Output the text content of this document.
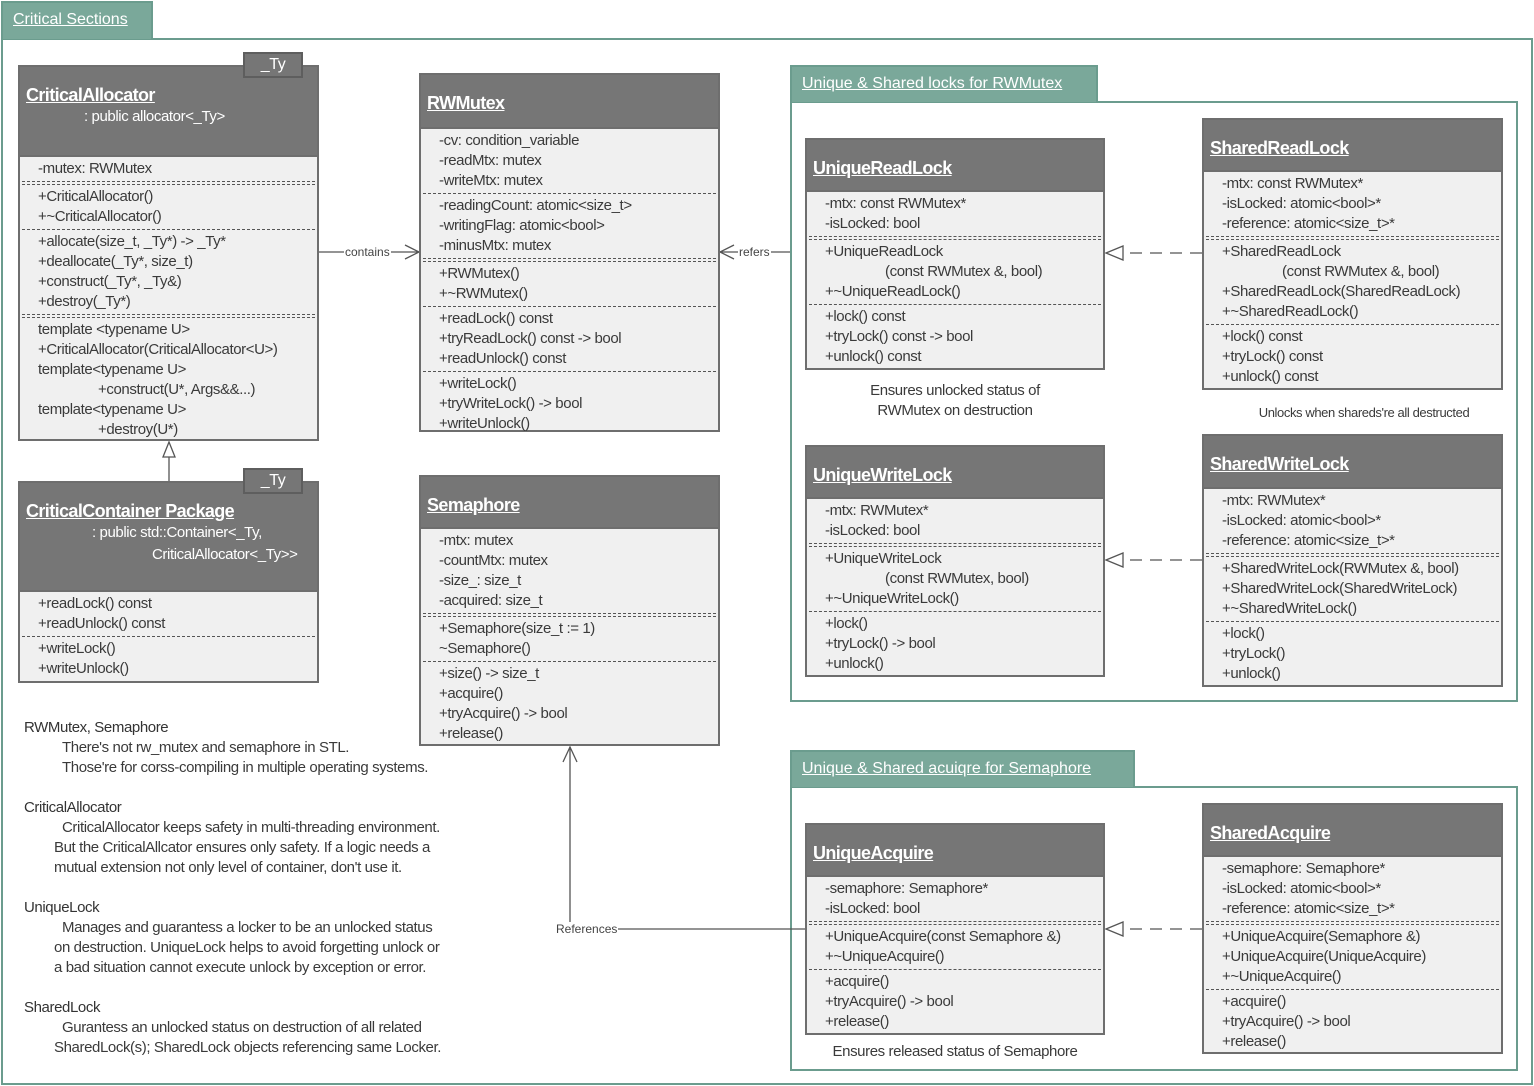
Critical Sections
Unique & Shared locks for RWMutex
Unique & Shared acuiqre for Semaphore
contains	refers
References
CriticalAllocator
: public allocator<_Ty>
-mutex: RWMutex
+CriticalAllocator()
+~CriticalAllocator()
+allocate(size_t, _Ty*) -> _Ty*
+deallocate(_Ty*, size_t)
+construct(_Ty*, _Ty&)
+destroy(_Ty*)
template <typename U>
+CriticalAllocator(CriticalAllocator<U>)
template<typename U>
+construct(U*, Args&&...)
template<typename U>
+destroy(U*)
_Ty
CriticalContainer Package
: public std::Container<_Ty,
CriticalAllocator<_Ty>>
+readLock() const
+readUnlock() const
+writeLock()
+writeUnlock()
_Ty
RWMutex
-cv: condition_variable
-readMtx: mutex
-writeMtx: mutex
-readingCount: atomic<size_t>
-writingFlag: atomic<bool>
-minusMtx: mutex
+RWMutex()
+~RWMutex()
+readLock() const
+tryReadLock() const -> bool
+readUnlock() const
+writeLock()
+tryWriteLock() -> bool
+writeUnlock()
Semaphore
-mtx: mutex
-countMtx: mutex
-size_: size_t
-acquired: size_t
+Semaphore(size_t := 1)
~Semaphore()
+size() -> size_t
+acquire()
+tryAcquire() -> bool
+release()
UniqueReadLock
-mtx: const RWMutex*
-isLocked: bool
+UniqueReadLock
(const RWMutex &, bool)
+~UniqueReadLock()
+lock() const
+tryLock() const -> bool
+unlock() const
SharedReadLock
-mtx: const RWMutex*
-isLocked: atomic<bool>*
-reference: atomic<size_t>*
+SharedReadLock
(const RWMutex &, bool)
+SharedReadLock(SharedReadLock)
+~SharedReadLock()
+lock() const
+tryLock() const
+unlock() const
UniqueWriteLock
-mtx: RWMutex*
-isLocked: bool
+UniqueWriteLock
(const RWMutex, bool)
+~UniqueWriteLock()
+lock()
+tryLock() -> bool
+unlock()
SharedWriteLock
-mtx: RWMutex*
-isLocked: atomic<bool>*
-reference: atomic<size_t>*
+SharedWriteLock(RWMutex &, bool)
+SharedWriteLock(SharedWriteLock)
+~SharedWriteLock()
+lock()
+tryLock()
+unlock()
UniqueAcquire
-semaphore: Semaphore*
-isLocked: bool
+UniqueAcquire(const Semaphore &)
+~UniqueAcquire()
+acquire()
+tryAcquire() -> bool
+release()
SharedAcquire
-semaphore: Semaphore*
-isLocked: atomic<bool>*
-reference: atomic<size_t>*
+UniqueAcquire(Semaphore &)
+UniqueAcquire(UniqueAcquire)
+~UniqueAcquire()
+acquire()
+tryAcquire() -> bool
+release()
Ensures unlocked status of
RWMutex on destruction	Unlocks when shareds're all destructed
Ensures released status of Semaphore
RWMutex, Semaphore
There's not rw_mutex and semaphore in STL.
Those're for corss-compiling in multiple operating systems.
CriticalAllocator
CriticalAllocator keeps safety in multi-threading environment.
But the CriticalAllcator ensures only safety. If a logic needs a
mutual extension not only level of container, don't use it.
UniqueLock
Manages and guarantess a locker to be an unlocked status
on destruction. UniqueLock helps to avoid forgetting unlock or
a bad situation cannot execute unlock by exception or error.
SharedLock
Gurantess an unlocked status on destruction of all related
SharedLock(s); SharedLock objects referencing same Locker.
